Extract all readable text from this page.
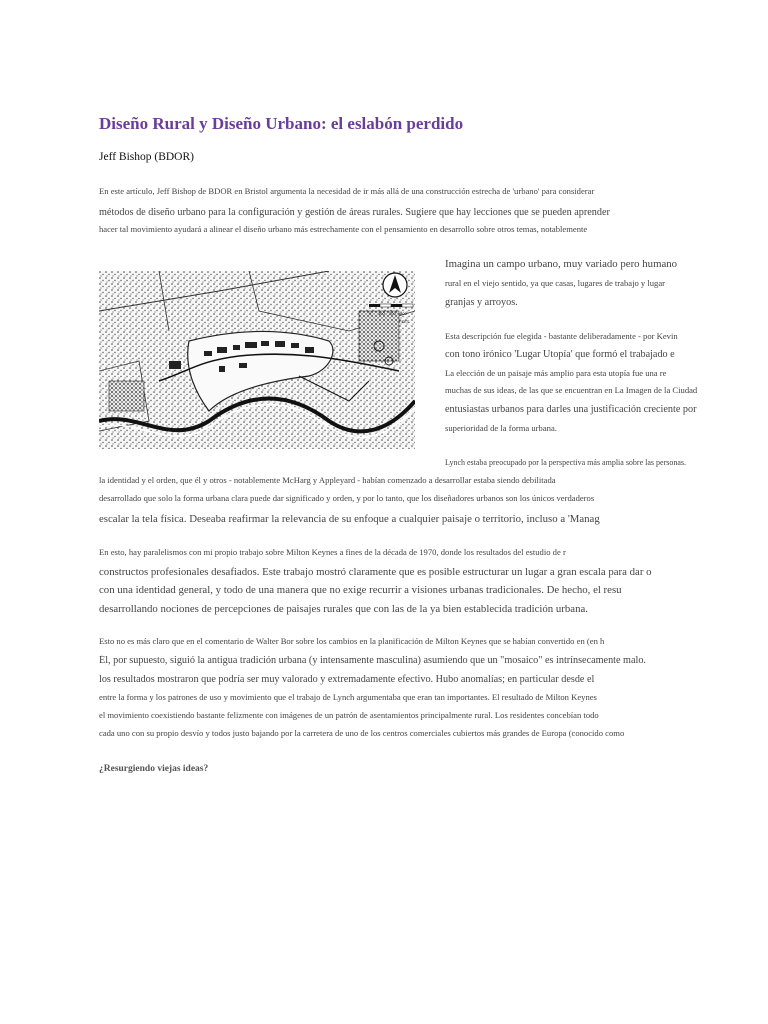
Diseño Rural y Diseño Urbano: el eslabón perdido
Jeff Bishop (BDOR)
En este artículo, Jeff Bishop de BDOR en Bristol argumenta la necesidad de ir más allá de una construcción estrecha de 'urbano' para considerar
métodos de diseño urbano para la configuración y gestión de áreas rurales. Sugiere que hay lecciones que se pueden aprender
hacer tal movimiento ayudará a alinear el diseño urbano más estrechamente con el pensamiento en desarrollo sobre otros temas, notablemente
0 100 200 300
FEET
Imagina un campo urbano, muy variado pero humano
rural en el viejo sentido, ya que casas, lugares de trabajo y lugar
granjas y arroyos.
Esta descripción fue elegida - bastante deliberadamente - por Kevin
con tono irónico 'Lugar Utopía' que formó el trabajado e
La elección de un paisaje más amplio para esta utopía fue una re
muchas de sus ideas, de las que se encuentran en La Imagen de la Ciudad
entusiastas urbanos para darles una justificación creciente por
superioridad de la forma urbana.
Lynch estaba preocupado por la perspectiva más amplia sobre las personas.
la identidad y el orden, que él y otros - notablemente McHarg y Appleyard - habían comenzado a desarrollar estaba siendo debilitada
desarrollado que solo la forma urbana clara puede dar significado y orden, y por lo tanto, que los diseñadores urbanos son los únicos verdaderos
escalar la tela física. Deseaba reafirmar la relevancia de su enfoque a cualquier paisaje o territorio, incluso a 'Manag
En esto, hay paralelismos con mi propio trabajo sobre Milton Keynes a fines de la década de 1970, donde los resultados del estudio de r
constructos profesionales desafiados. Este trabajo mostró claramente que es posible estructurar un lugar a gran escala para dar o
con una identidad general, y todo de una manera que no exige recurrir a visiones urbanas tradicionales. De hecho, el resu
desarrollando nociones de percepciones de paisajes rurales que con las de la ya bien establecida tradición urbana.
Esto no es más claro que en el comentario de Walter Bor sobre los cambios en la planificación de Milton Keynes que se habían convertido en (en h
Él, por supuesto, siguió la antigua tradición urbana (y intensamente masculina) asumiendo que un "mosaico" es intrínsecamente malo.
los resultados mostraron que podría ser muy valorado y extremadamente efectivo. Hubo anomalías; en particular desde el
entre la forma y los patrones de uso y movimiento que el trabajo de Lynch argumentaba que eran tan importantes. El resultado de Milton Keynes
el movimiento coexistiendo bastante felizmente con imágenes de un patrón de asentamientos principalmente rural. Los residentes concebían todo
cada uno con su propio desvío y todos justo bajando por la carretera de uno de los centros comerciales cubiertos más grandes de Europa (conocido como
¿Resurgiendo viejas ideas?
